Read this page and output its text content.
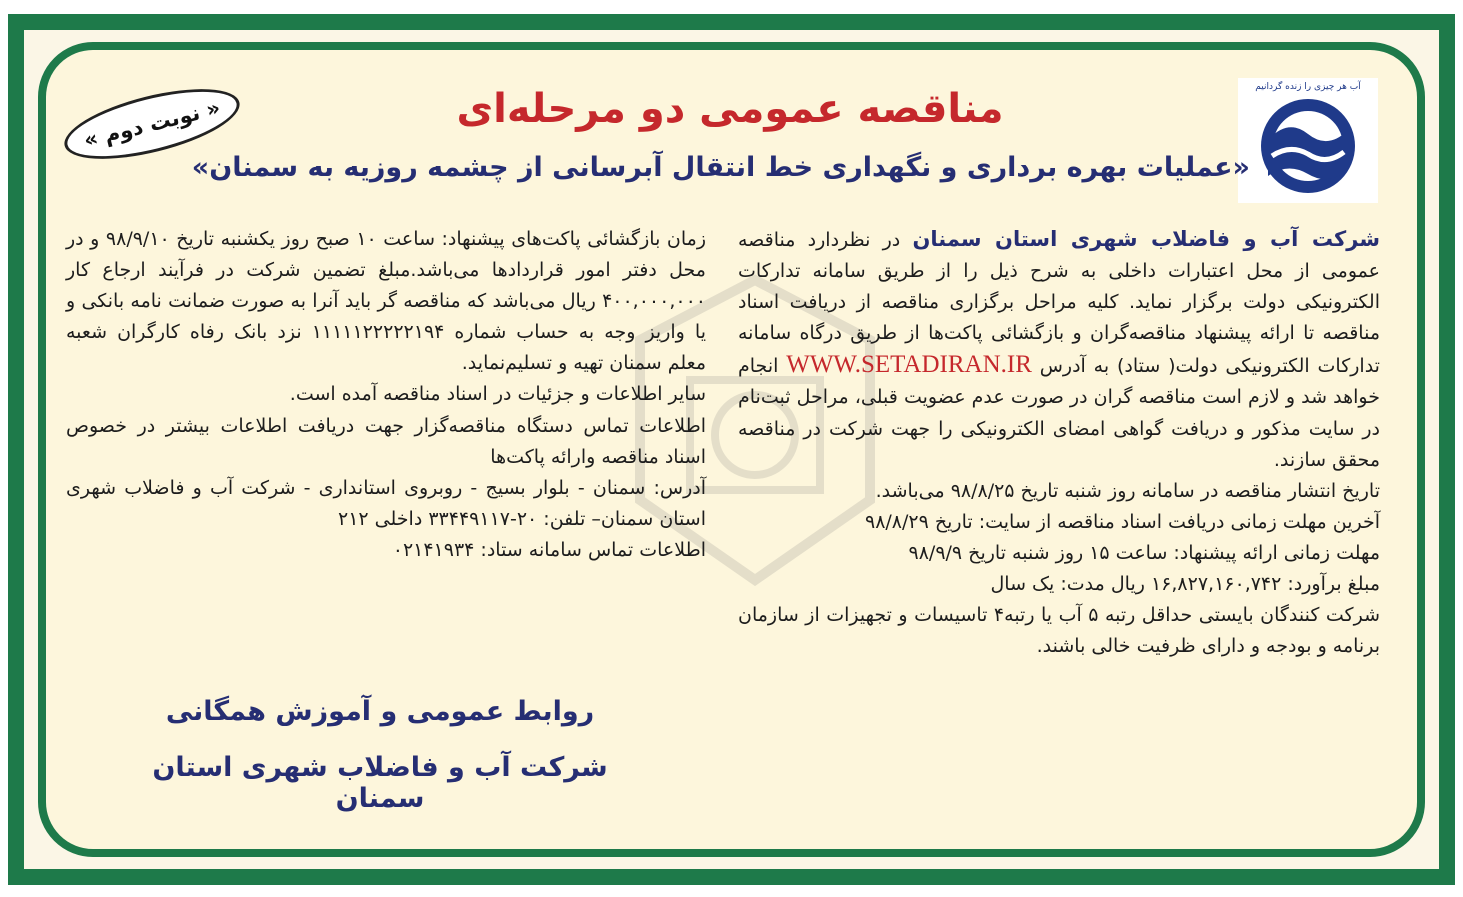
آب هر چیزی را زنده گردانیم
« نوبت دوم »	مناقصه عمومی دو مرحله‌ای
«عملیات بهره برداری و نگهداری خط انتقال آبرسانی از چشمه روزیه به سمنان»

شرکت آب و فاضلاب شهری استان سمنان در نظردارد مناقصه عمومی از محل اعتبارات داخلی به شرح ذیل را از طریق سامانه تدارکات الکترونیکی دولت برگزار نماید. کلیه مراحل برگزاری مناقصه از دریافت اسناد مناقصه تا ارائه پیشنهاد مناقصه‌گران و بازگشائی پاکت‌ها از طریق درگاه سامانه تدارکات الکترونیکی دولت( ستاد) به آدرس WWW.SETADIRAN.IR انجام خواهد شد و لازم است مناقصه گران در صورت عدم عضویت قبلی، مراحل ثبت‌نام در سایت مذکور و دریافت گواهی امضای الکترونیکی را جهت شرکت در مناقصه محقق سازند.

تاریخ انتشار مناقصه در سامانه روز شنبه تاریخ ۹۸/۸/۲۵ می‌باشد.

آخرین مهلت زمانی دریافت اسناد مناقصه از سایت: تاریخ ۹۸/۸/۲۹

مهلت زمانی ارائه پیشنهاد: ساعت ۱۵ روز شنبه تاریخ ۹۸/۹/۹

مبلغ برآورد: ۱۶,۸۲۷,۱۶۰,۷۴۲ ریال مدت: یک سال

شرکت کنندگان بایستی حداقل رتبه ۵ آب یا رتبه۴ تاسیسات و تجهیزات از سازمان برنامه و بودجه و دارای ظرفیت خالی باشند.

زمان بازگشائی پاکت‌های پیشنهاد: ساعت ۱۰ صبح روز یکشنبه تاریخ ۹۸/۹/۱۰ و در محل دفتر امور قراردادها می‌باشد.مبلغ تضمین شرکت در فرآیند ارجاع کار ۴۰۰,۰۰۰,۰۰۰ ریال می‌باشد که مناقصه گر باید آنرا به صورت ضمانت نامه بانکی و یا واریز وجه به حساب شماره ۱۱۱۱۱۲۲۲۲۲۱۹۴ نزد بانک رفاه کارگران شعبه معلم سمنان تهیه و تسلیم‌نماید.

سایر اطلاعات و جزئیات در اسناد مناقصه آمده است.

اطلاعات تماس دستگاه مناقصه‌گزار جهت دریافت اطلاعات بیشتر در خصوص اسناد مناقصه وارائه پاکت‌ها

آدرس: سمنان - بلوار بسیج - روبروی استانداری - شرکت آب و فاضلاب شهری استان سمنان– تلفن: ۲۰-۳۳۴۴۹۱۱۷ داخلی ۲۱۲

اطلاعات تماس سامانه ستاد: ۰۲۱۴۱۹۳۴

روابط عمومی و آموزش همگانی
شرکت آب و فاضلاب شهری استان سمنان
